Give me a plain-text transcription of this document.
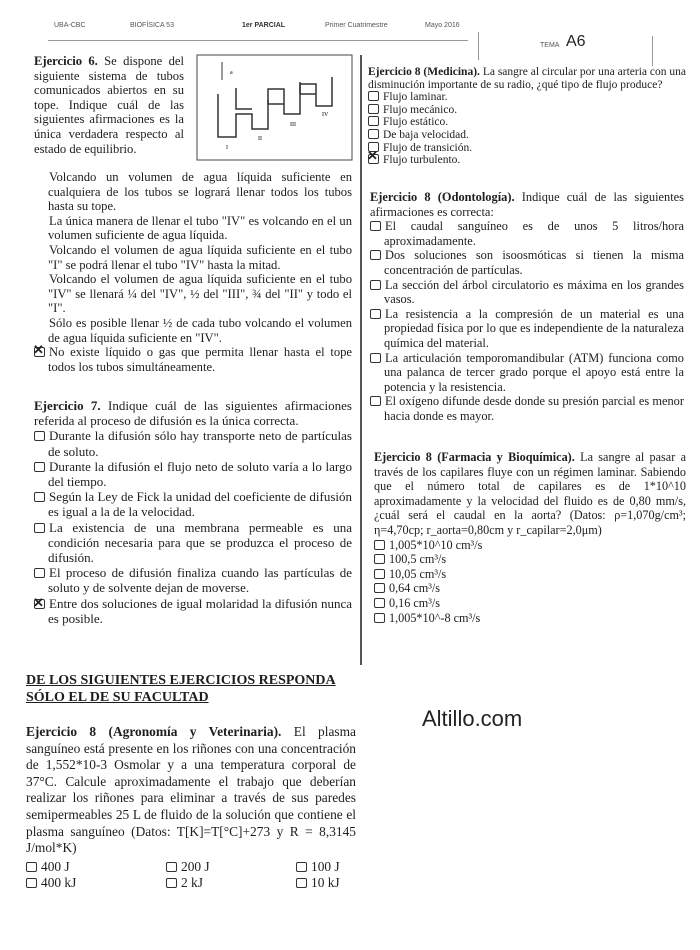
UBA-CBC	BIOFÍSICA 53	1er PARCIAL	Primer Cuatrimestre	Mayo 2016
TEMA A6

Ejercicio 6. Se dispone del siguiente sistema de tubos comunicados abiertos en su tope. Indique cuál de las siguientes afirmaciones es la única verdadera respecto al estado de equilibrio.

a
I
II
III
IV
Volcando un volumen de agua líquida suficiente en cualquiera de los tubos se logrará llenar todos los tubos hasta su tope.
La única manera de llenar el tubo "IV" es volcando en el un volumen suficiente de agua líquida.
Volcando el volumen de agua líquida suficiente en el tubo "I" se podrá llenar el tubo "IV" hasta la mitad.
Volcando el volumen de agua líquida suficiente en el tubo "IV" se llenará ¼ del "IV", ½ del "III", ¾ del "II" y todo el "I".
Sólo es posible llenar ½ de cada tubo volcando el volumen de agua líquida suficiente en "IV".
✕No existe líquido o gas que permita llenar hasta el tope todos los tubos simultáneamente.

Ejercicio 7. Indique cuál de las siguientes afirmaciones referida al proceso de difusión es la única correcta.

Durante la difusión sólo hay transporte neto de partículas de soluto.
Durante la difusión el flujo neto de soluto varía a lo largo del tiempo.
Según la Ley de Fick la unidad del coeficiente de difusión es igual a la de la velocidad.
La existencia de una membrana permeable es una condición necesaria para que se produzca el proceso de difusión.
El proceso de difusión finaliza cuando las partículas de soluto y de solvente dejan de moverse.
✕Entre dos soluciones de igual molaridad la difusión nunca es posible.
DE LOS SIGUIENTES EJERCICIOS RESPONDA SÓLO EL DE SU FACULTAD

Ejercicio 8 (Agronomía y Veterinaria). El plasma sanguíneo está presente en los riñones con una concentración de 1,552*10-3 Osmolar y a una temperatura corporal de 37°C. Calcule aproximadamente el trabajo que deberían realizar los riñones para eliminar a través de sus paredes semipermeables 25 L de fluido de la solución que contiene el plasma sanguíneo (Datos: T[K]=T[°C]+273 y R = 8,3145 J/mol*K)

400 J	200 J	100 J
400 kJ	2 kJ	10 kJ

Ejercicio 8 (Medicina). La sangre al circular por una arteria con una disminución importante de su radio, ¿qué tipo de flujo produce?

Flujo laminar.
Flujo mecánico.
Flujo estático.
De baja velocidad.
Flujo de transición.
✕Flujo turbulento.

Ejercicio 8 (Odontología). Indique cuál de las siguientes afirmaciones es correcta:

El caudal sanguíneo es de unos 5 litros/hora aproximadamente.
Dos soluciones son isoosmóticas si tienen la misma concentración de partículas.
La sección del árbol circulatorio es máxima en los grandes vasos.
La resistencia a la compresión de un material es una propiedad física por lo que es independiente de la naturaleza química del material.
La articulación temporomandibular (ATM) funciona como una palanca de tercer grado porque el apoyo está entre la potencia y la resistencia.
El oxígeno difunde desde donde su presión parcial es menor hacia donde es mayor.

Ejercicio 8 (Farmacia y Bioquímica). La sangre al pasar a través de los capilares fluye con un régimen laminar. Sabiendo que el número total de capilares es de 1*10^10 aproximadamente y la velocidad del fluido es de 0,80 mm/s, ¿cuál será el caudal en la aorta? (Datos: ρ=1,070g/cm³; η=4,70cp; r_aorta=0,80cm y r_capilar=2,0μm)

1,005*10^10 cm³/s
100,5 cm³/s
10,05 cm³/s
0,64 cm³/s
0,16 cm³/s
1,005*10^-8 cm³/s
Altillo.com
